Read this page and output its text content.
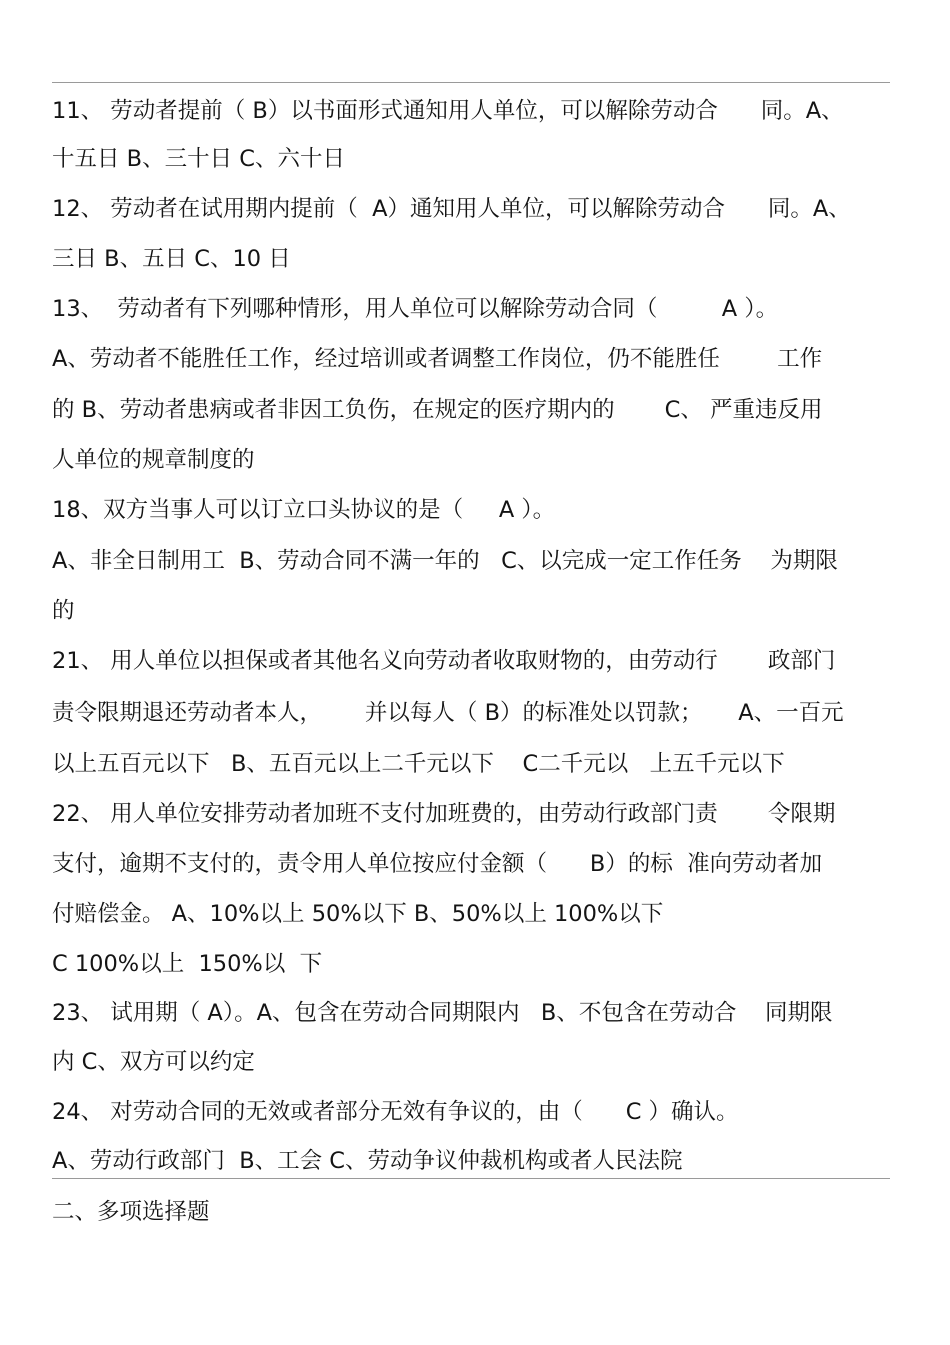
11、 劳动者提前（ B）以书面形式通知用人单位，可以解除劳动合      同。A、
十五日 B、三十日 C、六十日
12、 劳动者在试用期内提前（  A）通知用人单位，可以解除劳动合      同。A、
三日 B、五日 C、10 日
13、  劳动者有下列哪种情形，用人单位可以解除劳动合同（         A ）。
A、劳动者不能胜任工作，经过培训或者调整工作岗位，仍不能胜任        工作
的 B、劳动者患病或者非因工负伤，在规定的医疗期内的       C、 严重违反用
人单位的规章制度的
18、双方当事人可以订立口头协议的是（     A ）。
A、非全日制用工  B、劳动合同不满一年的   C、以完成一定工作任务    为期限
的
21、 用人单位以担保或者其他名义向劳动者收取财物的，由劳动行       政部门
责令限期退还劳动者本人，      并以每人（ B）的标准处以罚款；     A、一百元
以上五百元以下   B、五百元以上二千元以下    C二千元以   上五千元以下
22、 用人单位安排劳动者加班不支付加班费的，由劳动行政部门责       令限期
支付，逾期不支付的，责令用人单位按应付金额（      B）的标  准向劳动者加
付赔偿金。 A、10%以上 50%以下 B、50%以上 100%以下
C 100%以上  150%以  下
23、 试用期（ A）。A、包含在劳动合同期限内   B、不包含在劳动合    同期限
内 C、双方可以约定
24、 对劳动合同的无效或者部分无效有争议的，由（      C ）确认。
A、劳动行政部门  B、工会 C、劳动争议仲裁机构或者人民法院
二、多项选择题
